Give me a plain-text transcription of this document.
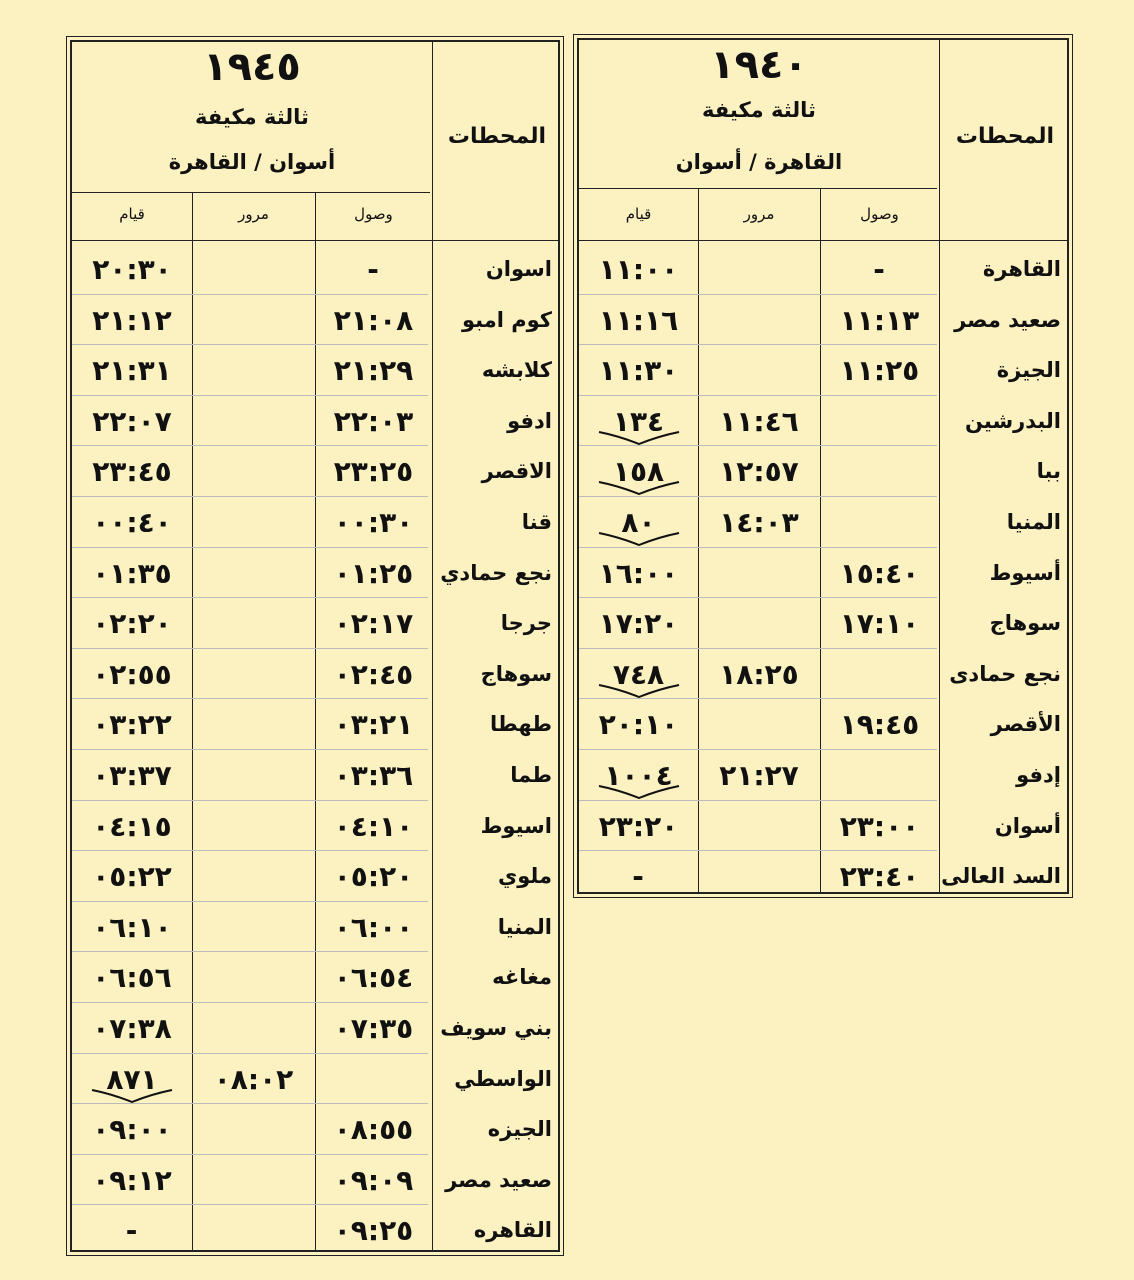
١٩٤٥
ثالثة مكيفة
أسوان / القاهرة
المحطات
وصول
مرور
قيام
اسوان
-
٢٠:٣٠
كوم امبو
٢١:٠٨
٢١:١٢
كلابشه
٢١:٢٩
٢١:٣١
ادفو
٢٢:٠٣
٢٢:٠٧
الاقصر
٢٣:٢٥
٢٣:٤٥
قنا
٠٠:٣٠
٠٠:٤٠
نجع حمادي
٠١:٢٥
٠١:٣٥
جرجا
٠٢:١٧
٠٢:٢٠
سوهاج
٠٢:٤٥
٠٢:٥٥
طهطا
٠٣:٢١
٠٣:٢٢
طما
٠٣:٣٦
٠٣:٣٧
اسيوط
٠٤:١٠
٠٤:١٥
ملوي
٠٥:٢٠
٠٥:٢٢
المنيا
٠٦:٠٠
٠٦:١٠
مغاغه
٠٦:٥٤
٠٦:٥٦
بني سويف
٠٧:٣٥
٠٧:٣٨
الواسطي
٠٨:٠٢
٨٧١
الجيزه
٠٨:٥٥
٠٩:٠٠
صعيد مصر
٠٩:٠٩
٠٩:١٢
القاهره
٠٩:٢٥
-
١٩٤٠
ثالثة مكيفة
القاهرة / أسوان
المحطات
وصول
مرور
قيام
القاهرة
-
١١:٠٠
صعيد مصر
١١:١٣
١١:١٦
الجيزة
١١:٢٥
١١:٣٠
البدرشين
١١:٤٦
١٣٤
ببا
١٢:٥٧
١٥٨
المنيا
١٤:٠٣
٨٠
أسيوط
١٥:٤٠
١٦:٠٠
سوهاج
١٧:١٠
١٧:٢٠
نجع حمادى
١٨:٢٥
٧٤٨
الأقصر
١٩:٤٥
٢٠:١٠
إدفو
٢١:٢٧
١٠٠٤
أسوان
٢٣:٠٠
٢٣:٢٠
السد العالى
٢٣:٤٠
-
